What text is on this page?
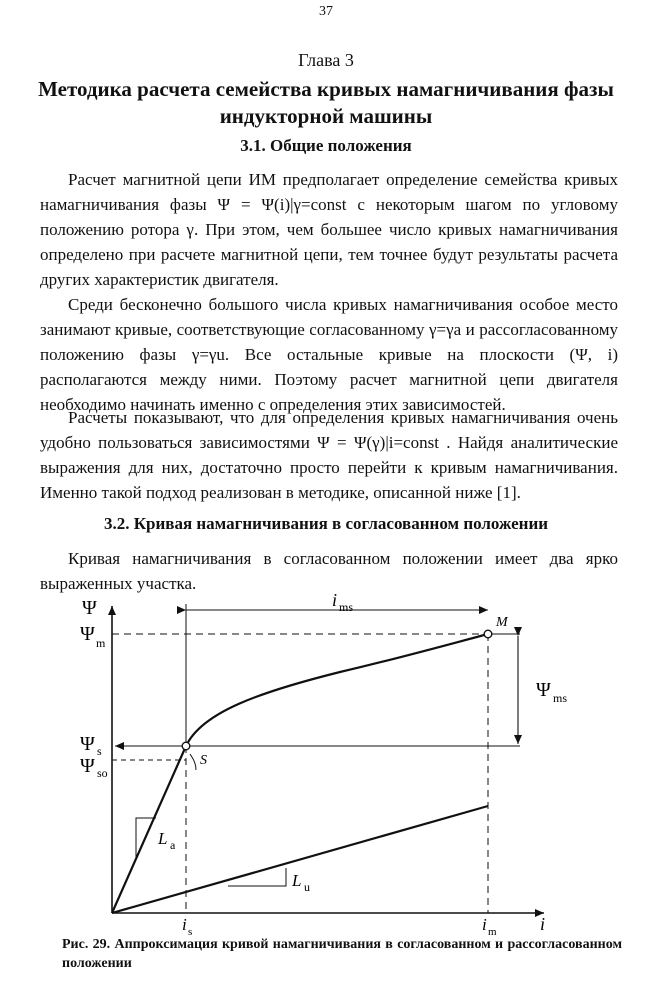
37
Глава 3
Методика расчета семейства кривых намагничивания фазы индукторной машины
3.1. Общие положения
Расчет магнитной цепи ИМ предполагает определение семейства кривых намагничивания фазы Ψ = Ψ(i)|γ=const с некоторым шагом по угловому положению ротора γ. При этом, чем большее число кривых намагничивания определено при расчете магнитной цепи, тем точнее будут результаты расчета других характеристик двигателя.
Среди бесконечно большого числа кривых намагничивания особое место занимают кривые, соответствующие согласованному γ=γa и рассогласованному положению фазы γ=γu. Все остальные кривые на плоскости (Ψ, i) располагаются между ними. Поэтому расчет магнитной цепи двигателя необходимо начинать именно с определения этих зависимостей.
Расчеты показывают, что для определения кривых намагничивания очень удобно пользоваться зависимостями Ψ = Ψ(γ)|i=const . Найдя аналитические выражения для них, достаточно просто перейти к кривым намагничивания. Именно такой подход реализован в методике, описанной ниже [1].
3.2. Кривая намагничивания в согласованном положении
Кривая намагничивания в согласованном положении имеет два ярко выраженных участка.
Ψ
Ψ m
Ψ s
Ψ so
Ψ ms
i ms
M
S
L a
L u
i s	i m i
Рис. 29. Аппроксимация кривой намагничивания в согласованном и рассогласованном положении
